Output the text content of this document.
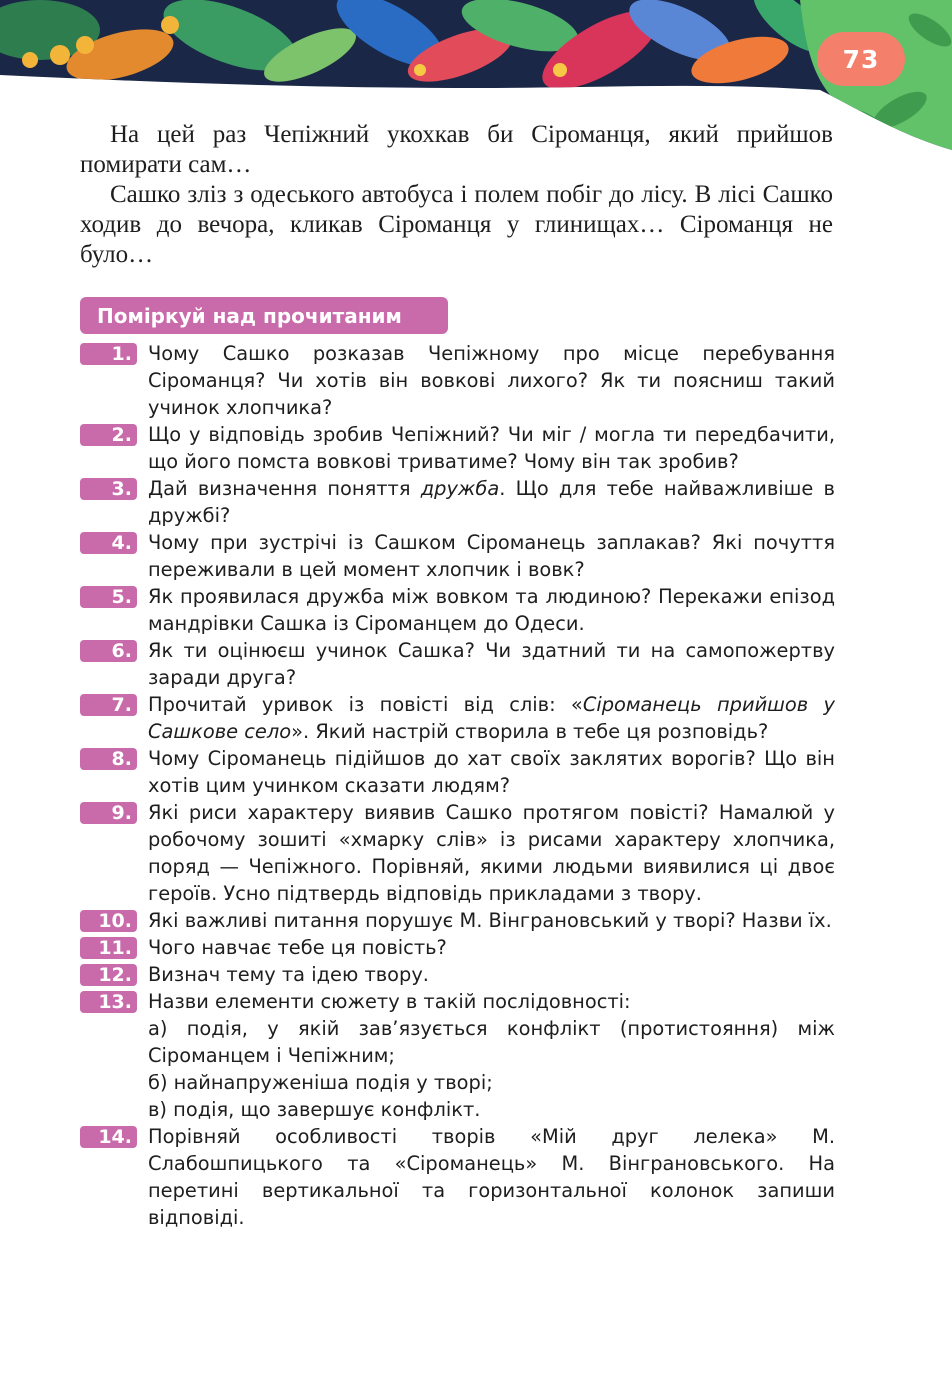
73

На цей раз Чепіжний укохкав би Сіроманця, який прийшов помирати сам…

Сашко зліз з одеського автобуса і полем побіг до лісу. В лісі Сашко ходив до вечора, кликав Сіроманця у глинищах… Сіроманця не було…

Поміркуй над прочитаним
1. Чому Сашко розказав Чепіжному про місце перебування Сіроманця? Чи хотів він вовкові лихого? Як ти поясниш такий учинок хлопчика?
2. Що у відповідь зробив Чепіжний? Чи міг / могла ти передбачити, що його помста вовкові триватиме? Чому він так зробив?
3. Дай визначення поняття дружба. Що для тебе найважливіше в дружбі?
4. Чому при зустрічі із Сашком Сіроманець заплакав? Які почуття переживали в цей момент хлопчик і вовк?
5. Як проявилася дружба між вовком та людиною? Перекажи епізод мандрівки Сашка із Сіроманцем до Одеси.
6. Як ти оцінюєш учинок Сашка? Чи здатний ти на самопожертву заради друга?
7. Прочитай уривок із повісті від слів: «Сіроманець прийшов у Сашкове село». Який настрій створила в тебе ця розповідь?
8. Чому Сіроманець підійшов до хат своїх заклятих ворогів? Що він хотів цим учинком сказати людям?
9. Які риси характеру виявив Сашко протягом повісті? Намалюй у робочому зошиті «хмарку слів» із рисами характеру хлопчика, поряд — Чепіжного. Порівняй, якими людьми виявилися ці двоє героїв. Усно підтвердь відповідь прикладами з твору.
10. Які важливі питання порушує М. Вінграновський у творі? Назви їх.
11. Чого навчає тебе ця повість?
12. Визнач тему та ідею твору.
13. Назви елементи сюжету в такій послідовності:
а) подія, у якій зав’язується конфлікт (протистояння) між Сіроманцем і Чепіжним;
б) найнапруженіша подія у творі;
в) подія, що завершує конфлікт.
14. Порівняй особливості творів «Мій друг лелека» М. Слабошпицького та «Сіроманець» М. Вінграновського. На перетині вертикальної та горизонтальної колонок запиши відповіді.
